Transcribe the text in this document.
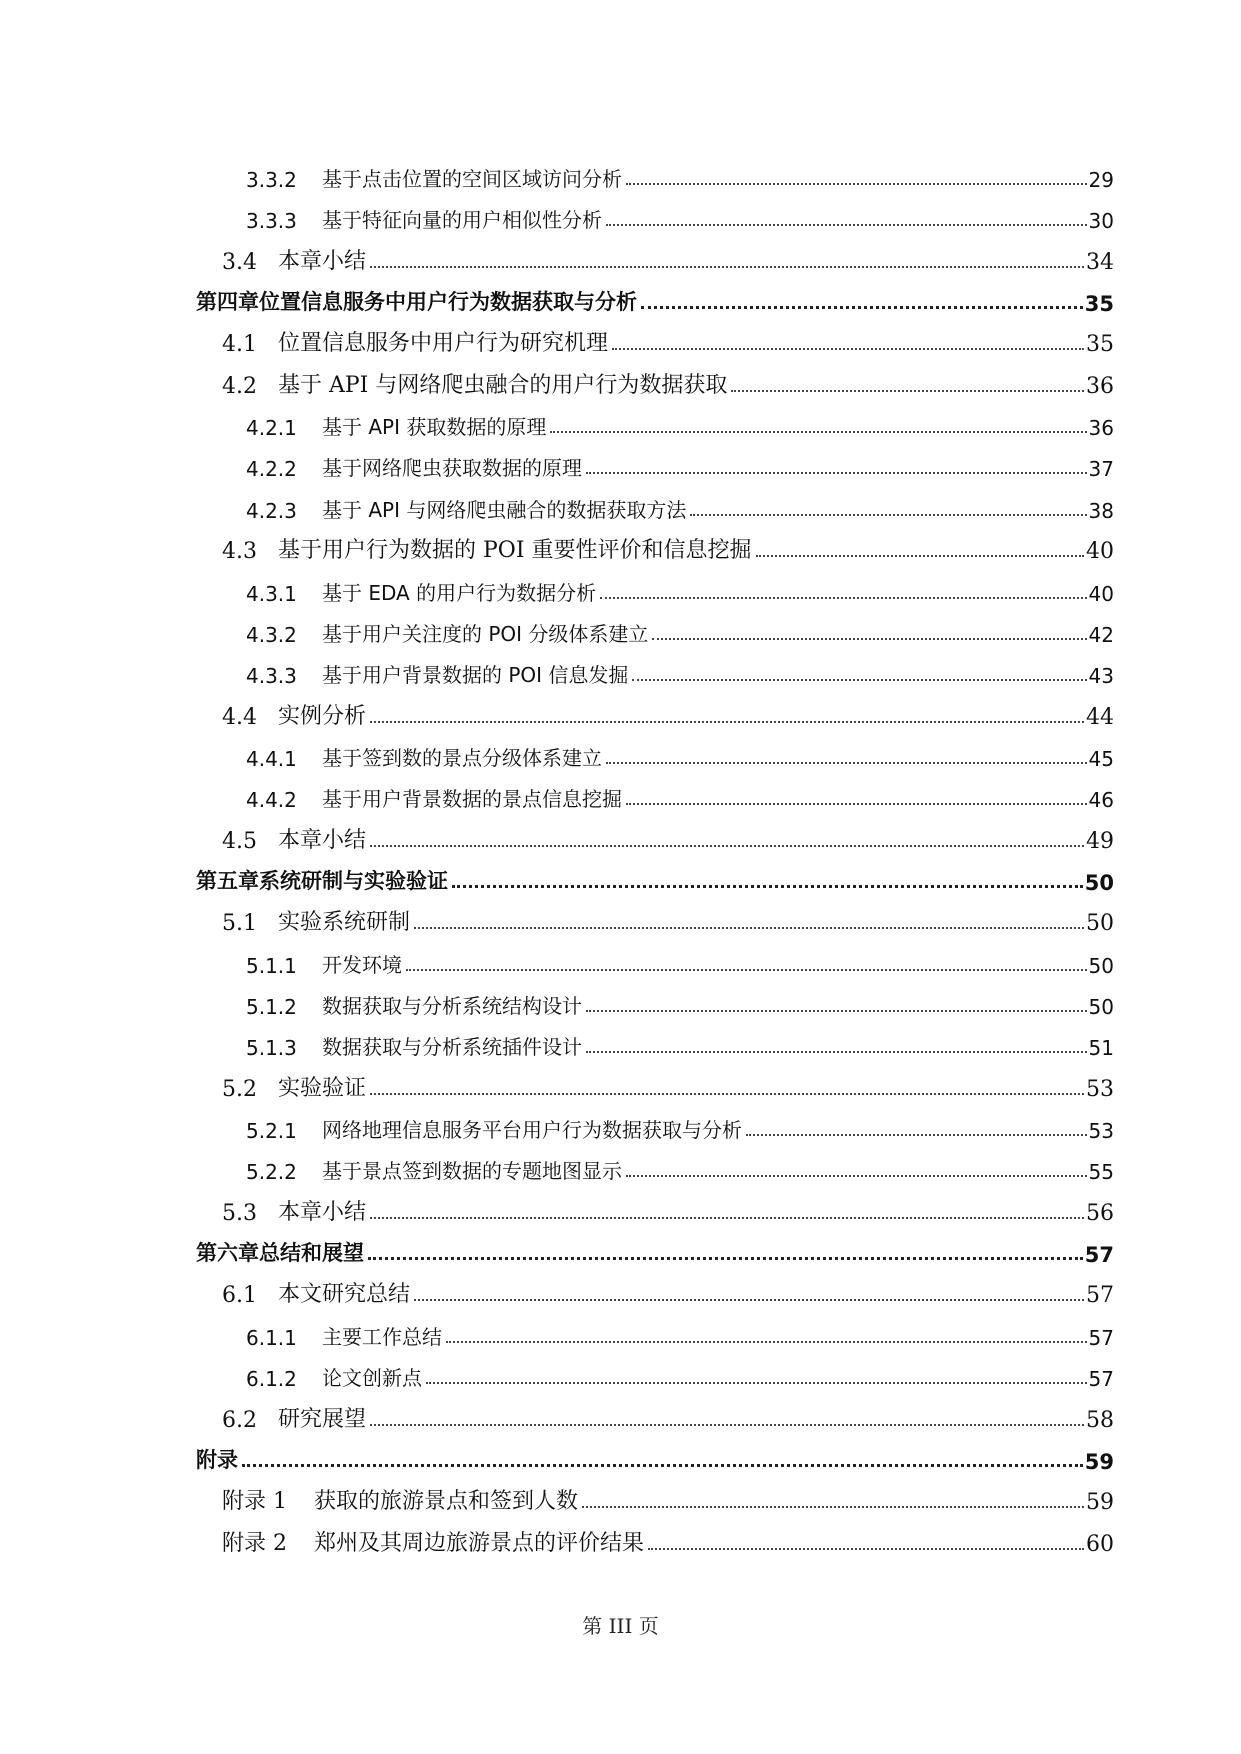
3.3.2	基于点击位置的空间区域访问分析	29
3.3.3	基于特征向量的用户相似性分析	30
3.4 本章小结	34
第四章位置信息服务中用户行为数据获取与分析	35
4.1 位置信息服务中用户行为研究机理	35
4.2 基于 API 与网络爬虫融合的用户行为数据获取	36
4.2.1	基于 API 获取数据的原理	36
4.2.2	基于网络爬虫获取数据的原理	37
4.2.3	基于 API 与网络爬虫融合的数据获取方法	38
4.3 基于用户行为数据的 POI 重要性评价和信息挖掘	40
4.3.1	基于 EDA 的用户行为数据分析	40
4.3.2	基于用户关注度的 POI 分级体系建立	42
4.3.3	基于用户背景数据的 POI 信息发掘	43
4.4 实例分析	44
4.4.1	基于签到数的景点分级体系建立	45
4.4.2	基于用户背景数据的景点信息挖掘	46
4.5 本章小结	49
第五章系统研制与实验验证	50
5.1 实验系统研制	50
5.1.1	开发环境	50
5.1.2	数据获取与分析系统结构设计	50
5.1.3	数据获取与分析系统插件设计	51
5.2 实验验证	53
5.2.1	网络地理信息服务平台用户行为数据获取与分析	53
5.2.2	基于景点签到数据的专题地图显示	55
5.3 本章小结	56
第六章总结和展望	57
6.1 本文研究总结	57
6.1.1	主要工作总结	57
6.1.2	论文创新点	57
6.2 研究展望	58
附录	59
附录 1	获取的旅游景点和签到人数	59
附录 2	郑州及其周边旅游景点的评价结果	60
第 III 页
